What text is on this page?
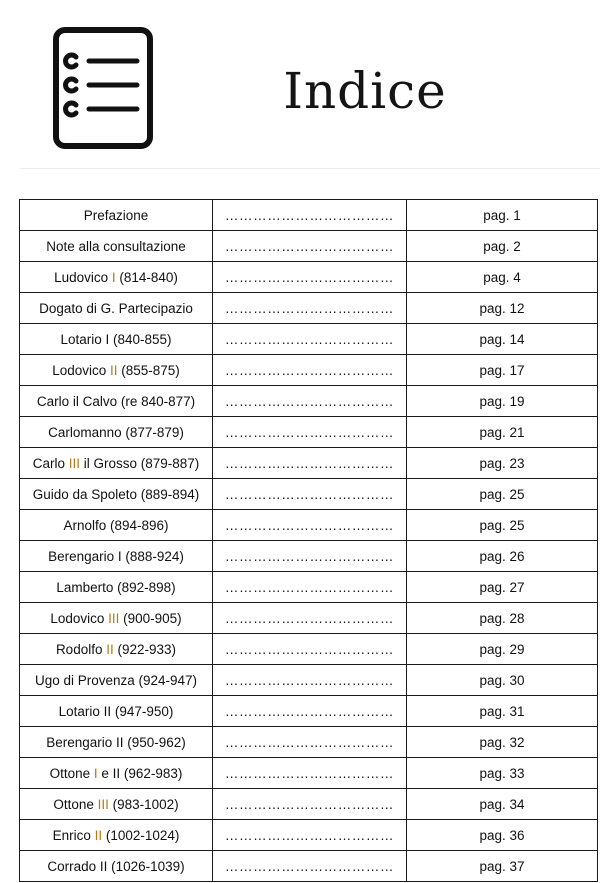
Indice
Prefazione	………………………………	pag. 1
Note alla consultazione	………………………………	pag. 2
Ludovico I (814-840)	………………………………	pag. 4
Dogato di G. Partecipazio	………………………………	pag. 12
Lotario I (840-855)	………………………………	pag. 14
Lodovico II (855-875)	………………………………	pag. 17
Carlo il Calvo (re 840-877)	………………………………	pag. 19
Carlomanno (877-879)	………………………………	pag. 21
Carlo III il Grosso (879-887)	………………………………	pag. 23
Guido da Spoleto (889-894)	………………………………	pag. 25
Arnolfo (894-896)	………………………………	pag. 25
Berengario I (888-924)	………………………………	pag. 26
Lamberto (892-898)	………………………………	pag. 27
Lodovico III (900-905)	………………………………	pag. 28
Rodolfo II (922-933)	………………………………	pag. 29
Ugo di Provenza (924-947)	………………………………	pag. 30
Lotario II (947-950)	………………………………	pag. 31
Berengario II (950-962)	………………………………	pag. 32
Ottone I e II (962-983)	………………………………	pag. 33
Ottone III (983-1002)	………………………………	pag. 34
Enrico II (1002-1024)	………………………………	pag. 36
Corrado II (1026-1039)	………………………………	pag. 37
